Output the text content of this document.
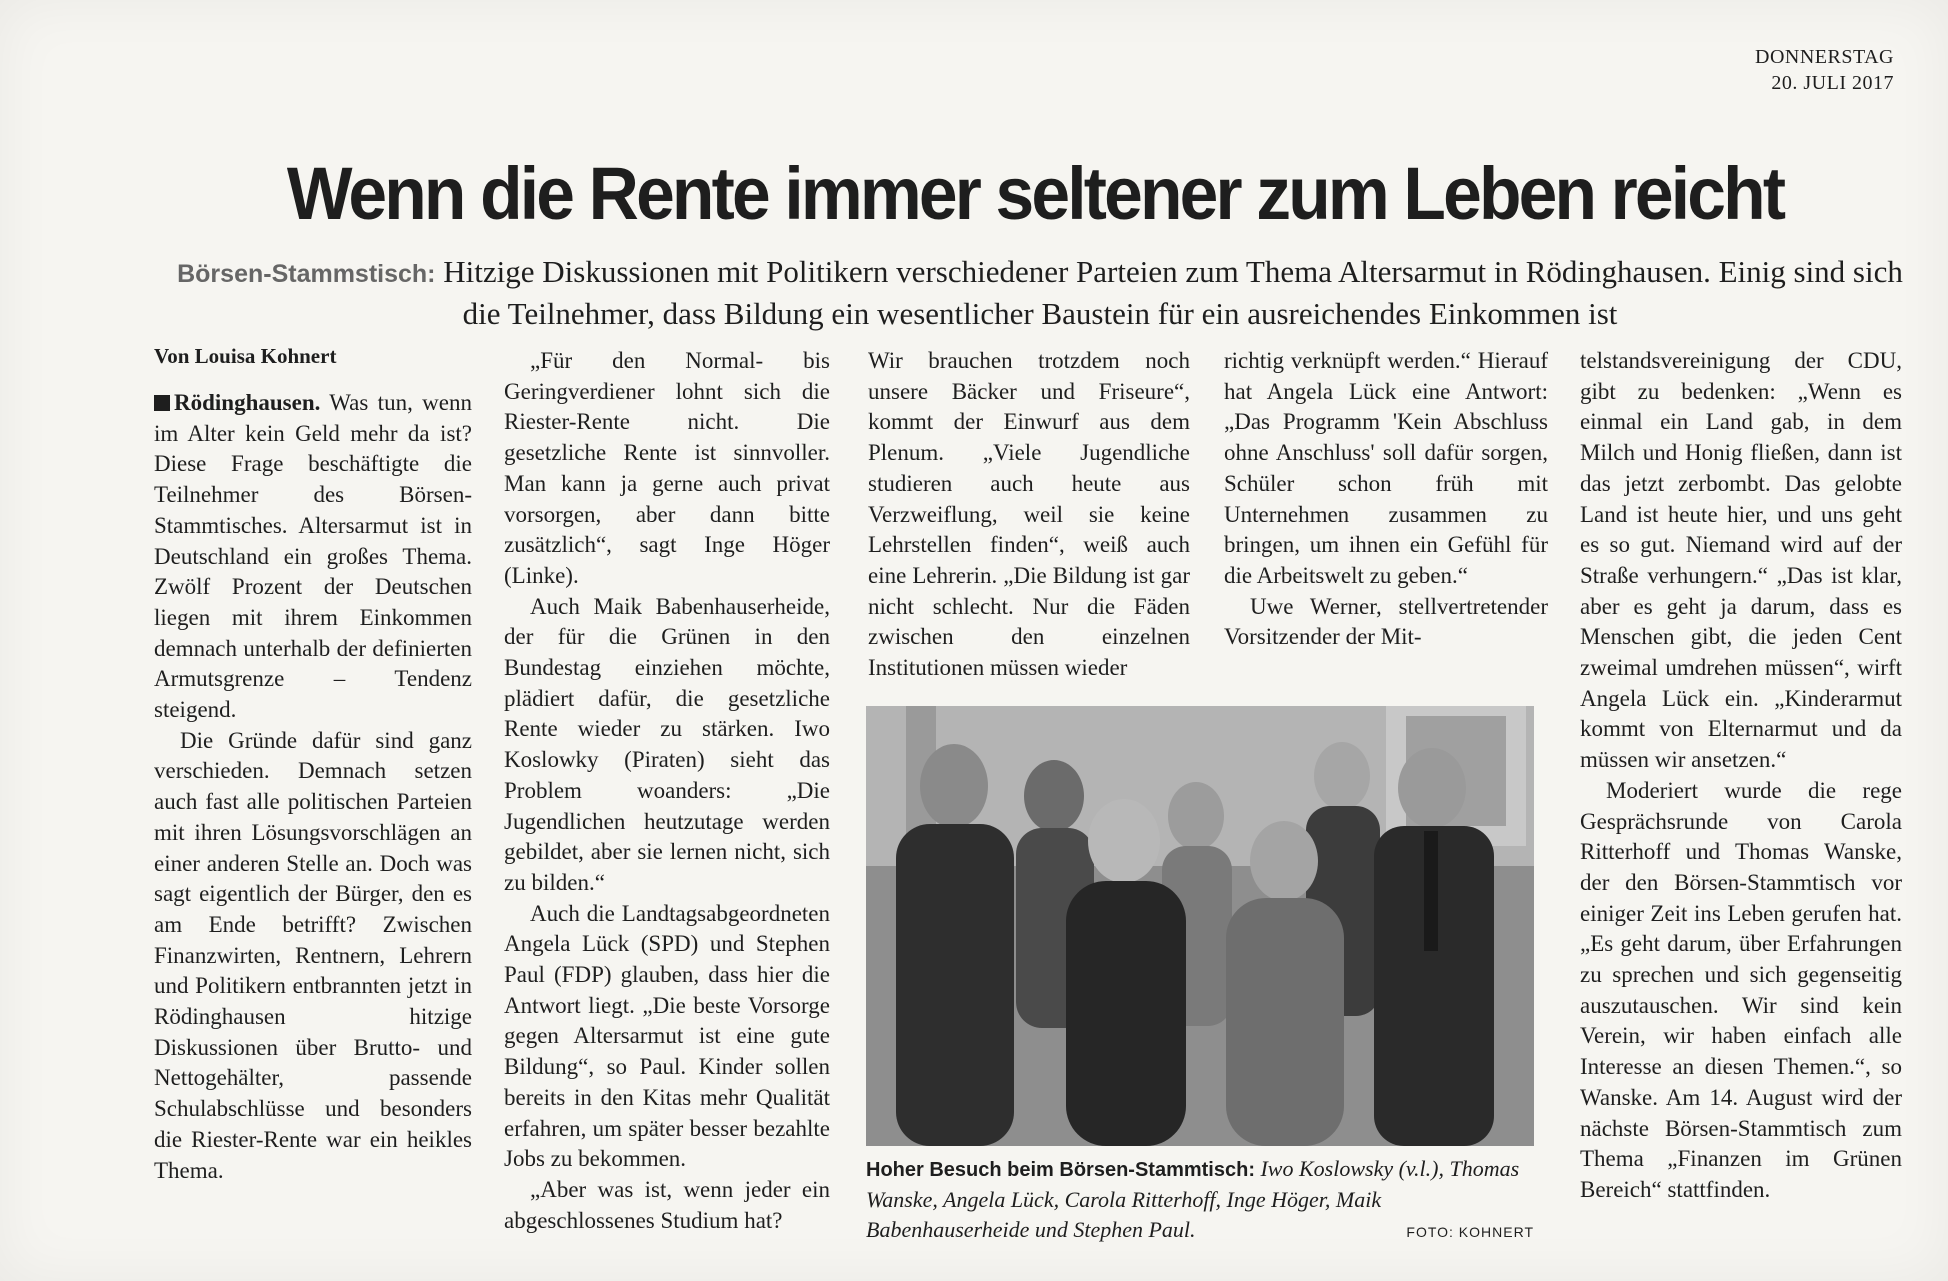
DONNERSTAG
20. JULI 2017
Wenn die Rente immer seltener zum Leben reicht
Börsen-Stammstisch: Hitzige Diskussionen mit Politikern verschiedener Parteien zum Thema Altersarmut in Rödinghausen. Einig sind sich die Teilnehmer, dass Bildung ein wesentlicher Baustein für ein ausreichendes Einkommen ist
Von Louisa Kohnert

Rödinghausen. Was tun, wenn im Alter kein Geld mehr da ist? Diese Frage beschäftigte die Teilnehmer des Börsen-Stammtisches. Altersarmut ist in Deutschland ein großes Thema. Zwölf Prozent der Deutschen liegen mit ihrem Einkommen demnach unterhalb der definierten Armutsgrenze – Tendenz steigend.

Die Gründe dafür sind ganz verschieden. Demnach setzen auch fast alle politischen Parteien mit ihren Lösungsvorschlägen an einer anderen Stelle an. Doch was sagt eigentlich der Bürger, den es am Ende betrifft? Zwischen Finanzwirten, Rentnern, Lehrern und Politikern entbrannten jetzt in Rödinghausen hitzige Diskussionen über Brutto- und Nettogehälter, passende Schulabschlüsse und besonders die Riester-Rente war ein heikles Thema.

„Für den Normal- bis Geringverdiener lohnt sich die Riester-Rente nicht. Die gesetzliche Rente ist sinnvoller. Man kann ja gerne auch privat vorsorgen, aber dann bitte zusätzlich“, sagt Inge Höger (Linke).

Auch Maik Babenhauserheide, der für die Grünen in den Bundestag einziehen möchte, plädiert dafür, die gesetzliche Rente wieder zu stärken. Iwo Koslowky (Piraten) sieht das Problem woanders: „Die Jugendlichen heutzutage werden gebildet, aber sie lernen nicht, sich zu bilden.“

Auch die Landtagsabgeordneten Angela Lück (SPD) und Stephen Paul (FDP) glauben, dass hier die Antwort liegt. „Die beste Vorsorge gegen Altersarmut ist eine gute Bildung“, so Paul. Kinder sollen bereits in den Kitas mehr Qualität erfahren, um später besser bezahlte Jobs zu bekommen.

„Aber was ist, wenn jeder ein abgeschlossenes Studium hat?

Wir brauchen trotzdem noch unsere Bäcker und Friseure“, kommt der Einwurf aus dem Plenum. „Viele Jugendliche studieren auch heute aus Verzweiflung, weil sie keine Lehrstellen finden“, weiß auch eine Lehrerin. „Die Bildung ist gar nicht schlecht. Nur die Fäden zwischen den einzelnen Institutionen müssen wieder

richtig verknüpft werden.“ Hierauf hat Angela Lück eine Antwort: „Das Programm 'Kein Abschluss ohne Anschluss' soll dafür sorgen, Schüler schon früh mit Unternehmen zusammen zu bringen, um ihnen ein Gefühl für die Arbeitswelt zu geben.“

Uwe Werner, stellvertretender Vorsitzender der Mit-

telstandsvereinigung der CDU, gibt zu bedenken: „Wenn es einmal ein Land gab, in dem Milch und Honig fließen, dann ist das jetzt zerbombt. Das gelobte Land ist heute hier, und uns geht es so gut. Niemand wird auf der Straße verhungern.“ „Das ist klar, aber es geht ja darum, dass es Menschen gibt, die jeden Cent zweimal umdrehen müssen“, wirft Angela Lück ein. „Kinderarmut kommt von Elternarmut und da müssen wir ansetzen.“

Moderiert wurde die rege Gesprächsrunde von Carola Ritterhoff und Thomas Wanske, der den Börsen-Stammtisch vor einiger Zeit ins Leben gerufen hat. „Es geht darum, über Erfahrungen zu sprechen und sich gegenseitig auszutauschen. Wir sind kein Verein, wir haben einfach alle Interesse an diesen Themen.“, so Wanske. Am 14. August wird der nächste Börsen-Stammtisch zum Thema „Finanzen im Grünen Bereich“ stattfinden.

Hoher Besuch beim Börsen-Stammtisch: Iwo Koslowsky (v.l.), Thomas Wanske, Angela Lück, Carola Ritterhoff, Inge Höger, Maik Babenhauserheide und Stephen Paul.	FOTO: KOHNERT
